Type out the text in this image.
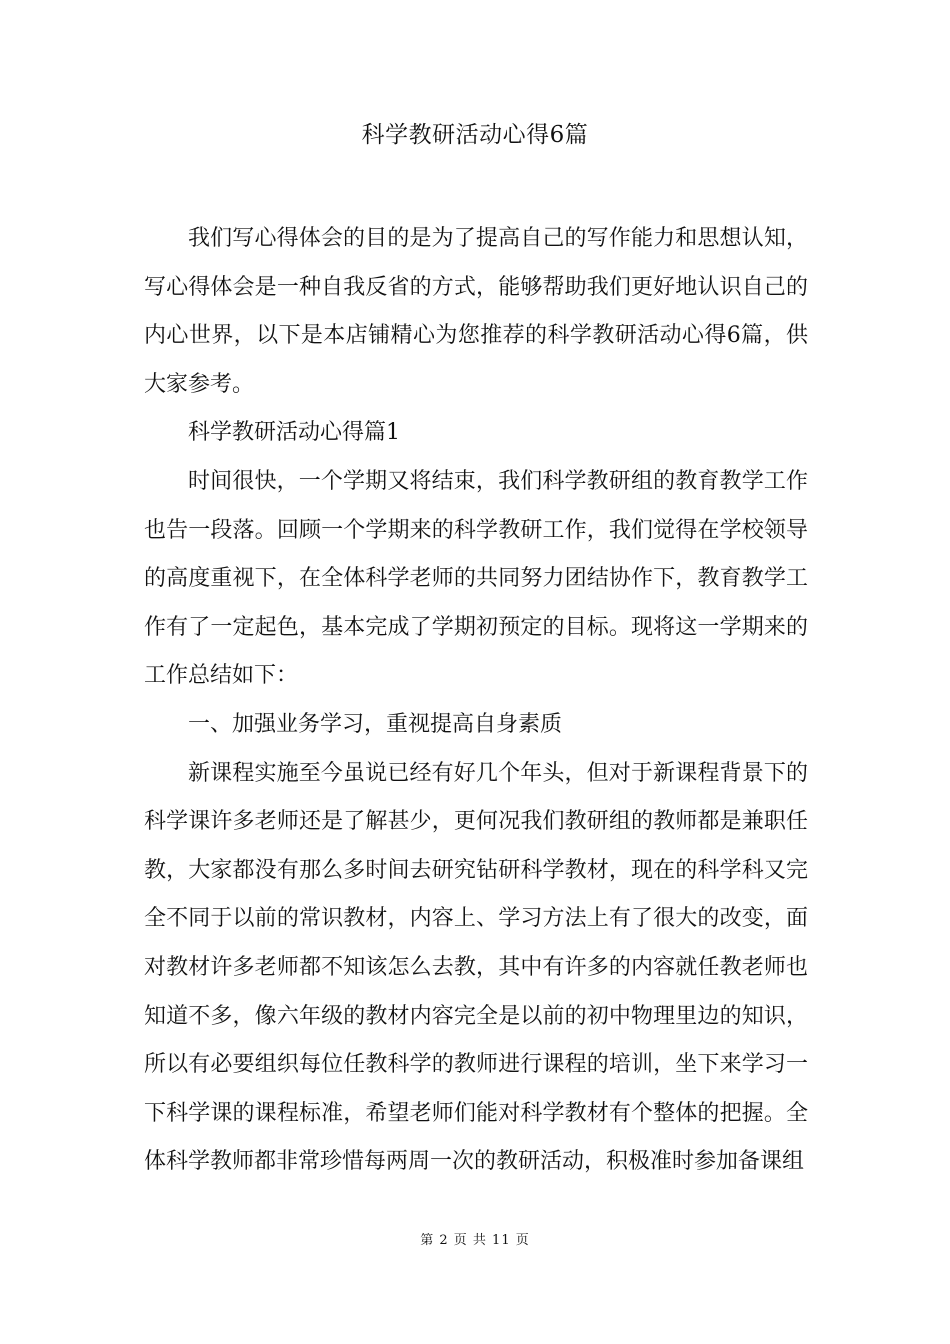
科学教研活动心得6篇

我们写心得体会的目的是为了提高自己的写作能力和思想认知，写心得体会是一种自我反省的方式，能够帮助我们更好地认识自己的内心世界，以下是本店铺精心为您推荐的科学教研活动心得6篇，供大家参考。

科学教研活动心得篇1

时间很快，一个学期又将结束，我们科学教研组的教育教学工作也告一段落。回顾一个学期来的科学教研工作，我们觉得在学校领导的高度重视下，在全体科学老师的共同努力团结协作下，教育教学工作有了一定起色，基本完成了学期初预定的目标。现将这一学期来的工作总结如下：

一、加强业务学习，重视提高自身素质

新课程实施至今虽说已经有好几个年头，但对于新课程背景下的科学课许多老师还是了解甚少，更何况我们教研组的教师都是兼职任教，大家都没有那么多时间去研究钻研科学教材，现在的科学科又完全不同于以前的常识教材，内容上、学习方法上有了很大的改变，面对教材许多老师都不知该怎么去教，其中有许多的内容就任教老师也知道不多，像六年级的教材内容完全是以前的初中物理里边的知识，所以有必要组织每位任教科学的教师进行课程的培训，坐下来学习一下科学课的课程标准，希望老师们能对科学教材有个整体的把握。全体科学教师都非常珍惜每两周一次的教研活动，积极准时参加备课组

第 2 页 共 11 页
